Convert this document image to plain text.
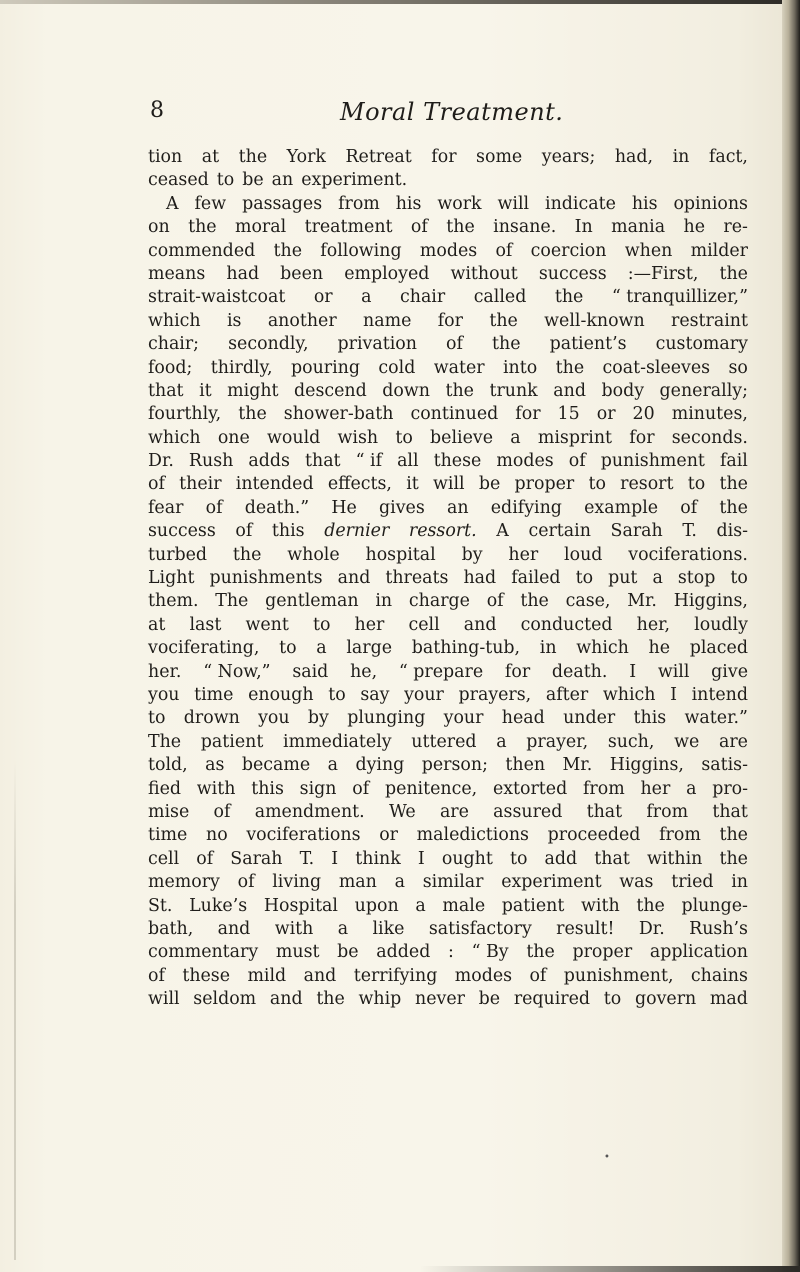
8	Moral Treatment.
tion at the York Retreat for some years; had, in fact,
ceased to be an experiment.
A few passages from his work will indicate his opinions
on the moral treatment of the insane. In mania he re-
commended the following modes of coercion when milder
means had been employed without success :—First, the
strait-waistcoat or a chair called the “ tranquillizer,”
which is another name for the well-known restraint
chair; secondly, privation of the patient’s customary
food; thirdly, pouring cold water into the coat-sleeves so
that it might descend down the trunk and body generally;
fourthly, the shower-bath continued for 15 or 20 minutes,
which one would wish to believe a misprint for seconds.
Dr. Rush adds that “ if all these modes of punishment fail
of their intended effects, it will be proper to resort to the
fear of death.” He gives an edifying example of the
success of this dernier ressort. A certain Sarah T. dis-
turbed the whole hospital by her loud vociferations.
Light punishments and threats had failed to put a stop to
them. The gentleman in charge of the case, Mr. Higgins,
at last went to her cell and conducted her, loudly
vociferating, to a large bathing-tub, in which he placed
her. “ Now,” said he, “ prepare for death. I will give
you time enough to say your prayers, after which I intend
to drown you by plunging your head under this water.”
The patient immediately uttered a prayer, such, we are
told, as became a dying person; then Mr. Higgins, satis-
fied with this sign of penitence, extorted from her a pro-
mise of amendment. We are assured that from that
time no vociferations or maledictions proceeded from the
cell of Sarah T. I think I ought to add that within the
memory of living man a similar experiment was tried in
St. Luke’s Hospital upon a male patient with the plunge-
bath, and with a like satisfactory result! Dr. Rush’s
commentary must be added : “ By the proper application
of these mild and terrifying modes of punishment, chains
will seldom and the whip never be required to govern mad
•
